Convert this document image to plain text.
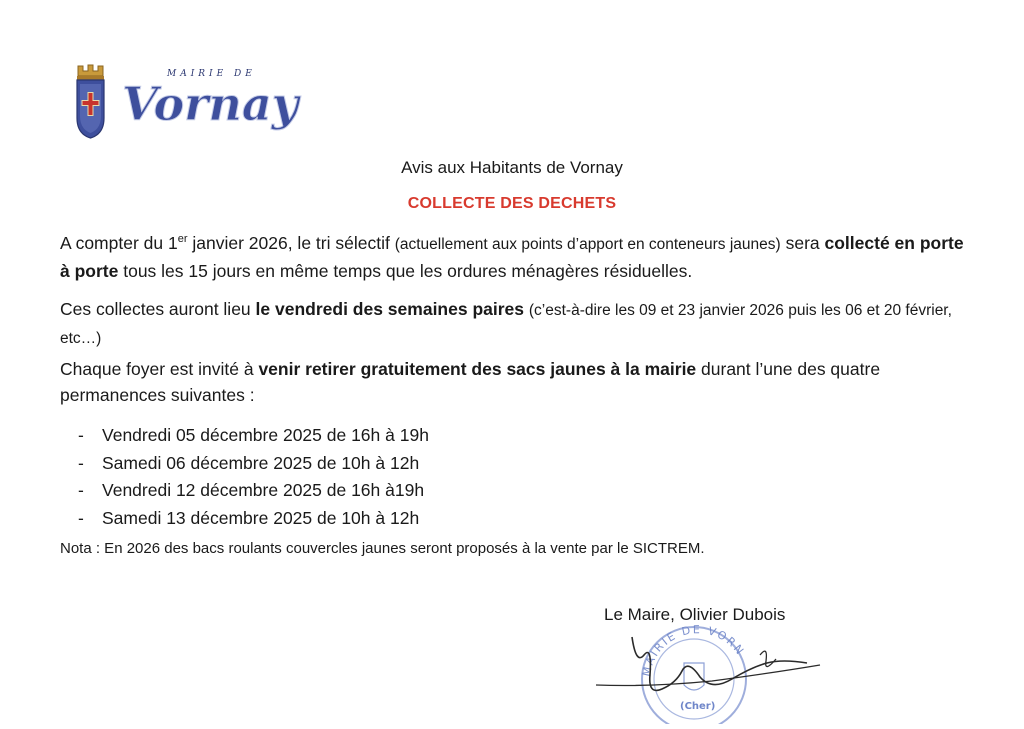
MAIRIE DE
Vornay
Avis aux Habitants de Vornay
COLLECTE DES DECHETS
A compter du 1er janvier 2026, le tri sélectif (actuellement aux points d’apport en conteneurs jaunes) sera collecté en porte à porte tous les 15 jours en même temps que les ordures ménagères résiduelles.
Ces collectes auront lieu le vendredi des semaines paires (c’est-à-dire les 09 et 23 janvier 2026 puis les 06 et 20 février, etc…)
Chaque foyer est invité à venir retirer gratuitement des sacs jaunes à la mairie durant l’une des quatre permanences suivantes :
-	Vendredi 05 décembre 2025 de 16h à 19h
-	Samedi 06 décembre 2025 de 10h à 12h
-	Vendredi 12 décembre 2025 de 16h à19h
-	Samedi 13 décembre 2025 de 10h à 12h
Nota : En 2026 des bacs roulants couvercles jaunes seront proposés à la vente par le SICTREM.
MAIRIE DE VORN
(Cher)
Le Maire, Olivier Dubois
